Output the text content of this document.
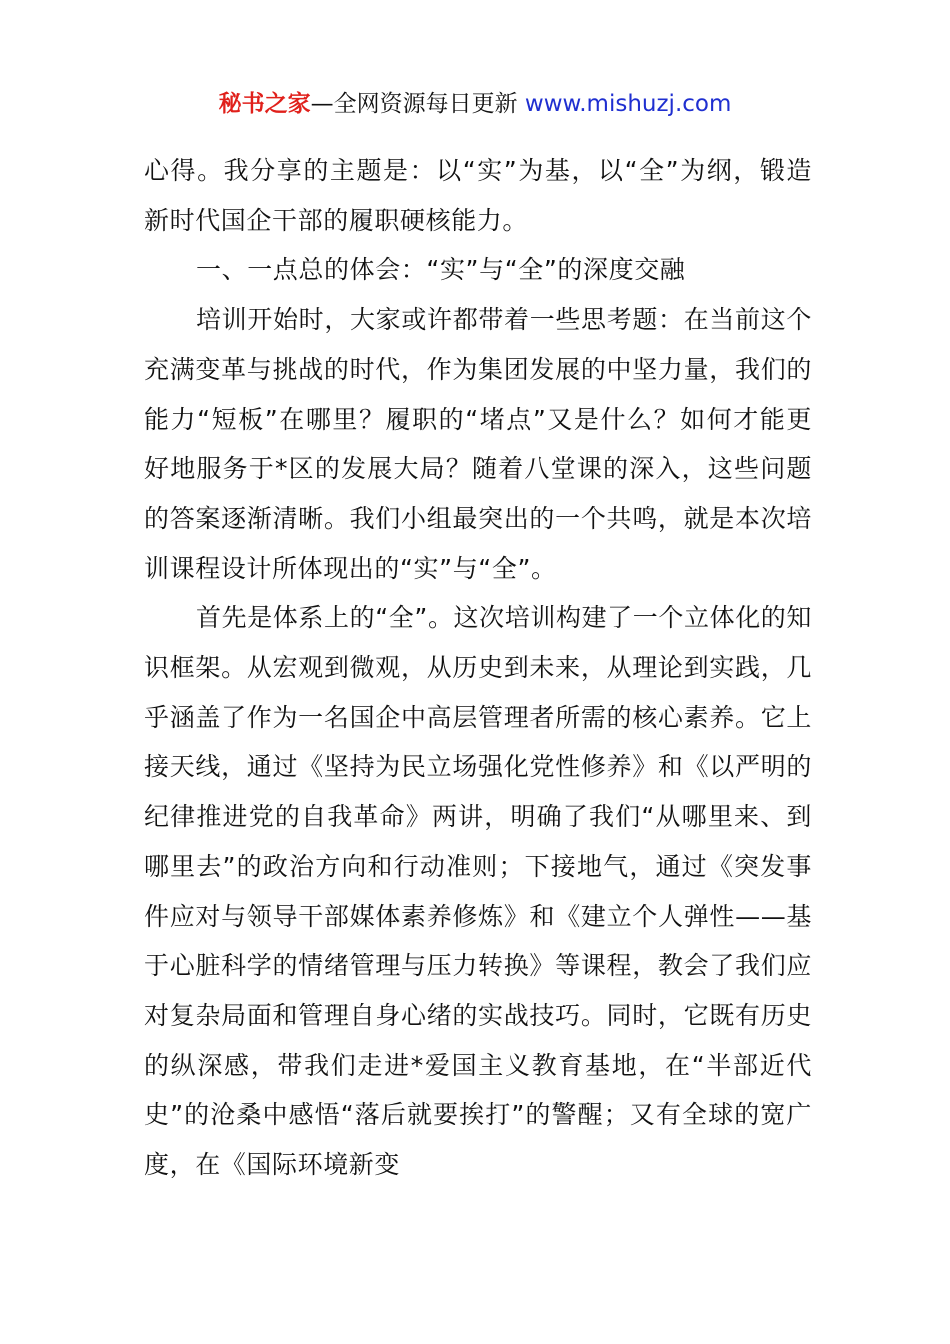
秘书之家—全网资源每日更新 www.mishuzj.com

心得。我分享的主题是：以“实”为基，以“全”为纲，锻造新时代国企干部的履职硬核能力。

一、一点总的体会：“实”与“全”的深度交融

培训开始时，大家或许都带着一些思考题：在当前这个充满变革与挑战的时代，作为集团发展的中坚力量，我们的能力“短板”在哪里？履职的“堵点”又是什么？如何才能更好地服务于*区的发展大局？随着八堂课的深入，这些问题的答案逐渐清晰。我们小组最突出的一个共鸣，就是本次培训课程设计所体现出的“实”与“全”。

首先是体系上的“全”。这次培训构建了一个立体化的知识框架。从宏观到微观，从历史到未来，从理论到实践，几乎涵盖了作为一名国企中高层管理者所需的核心素养。它上接天线，通过《坚持为民立场强化党性修养》和《以严明的纪律推进党的自我革命》两讲，明确了我们“从哪里来、到哪里去”的政治方向和行动准则；下接地气，通过《突发事件应对与领导干部媒体素养修炼》和《建立个人弹性——基于心脏科学的情绪管理与压力转换》等课程，教会了我们应对复杂局面和管理自身心绪的实战技巧。同时，它既有历史的纵深感，带我们走进*爱国主义教育基地，在“半部近代史”的沧桑中感悟“落后就要挨打”的警醒；又有全球的宽广度，在《国际环境新变
